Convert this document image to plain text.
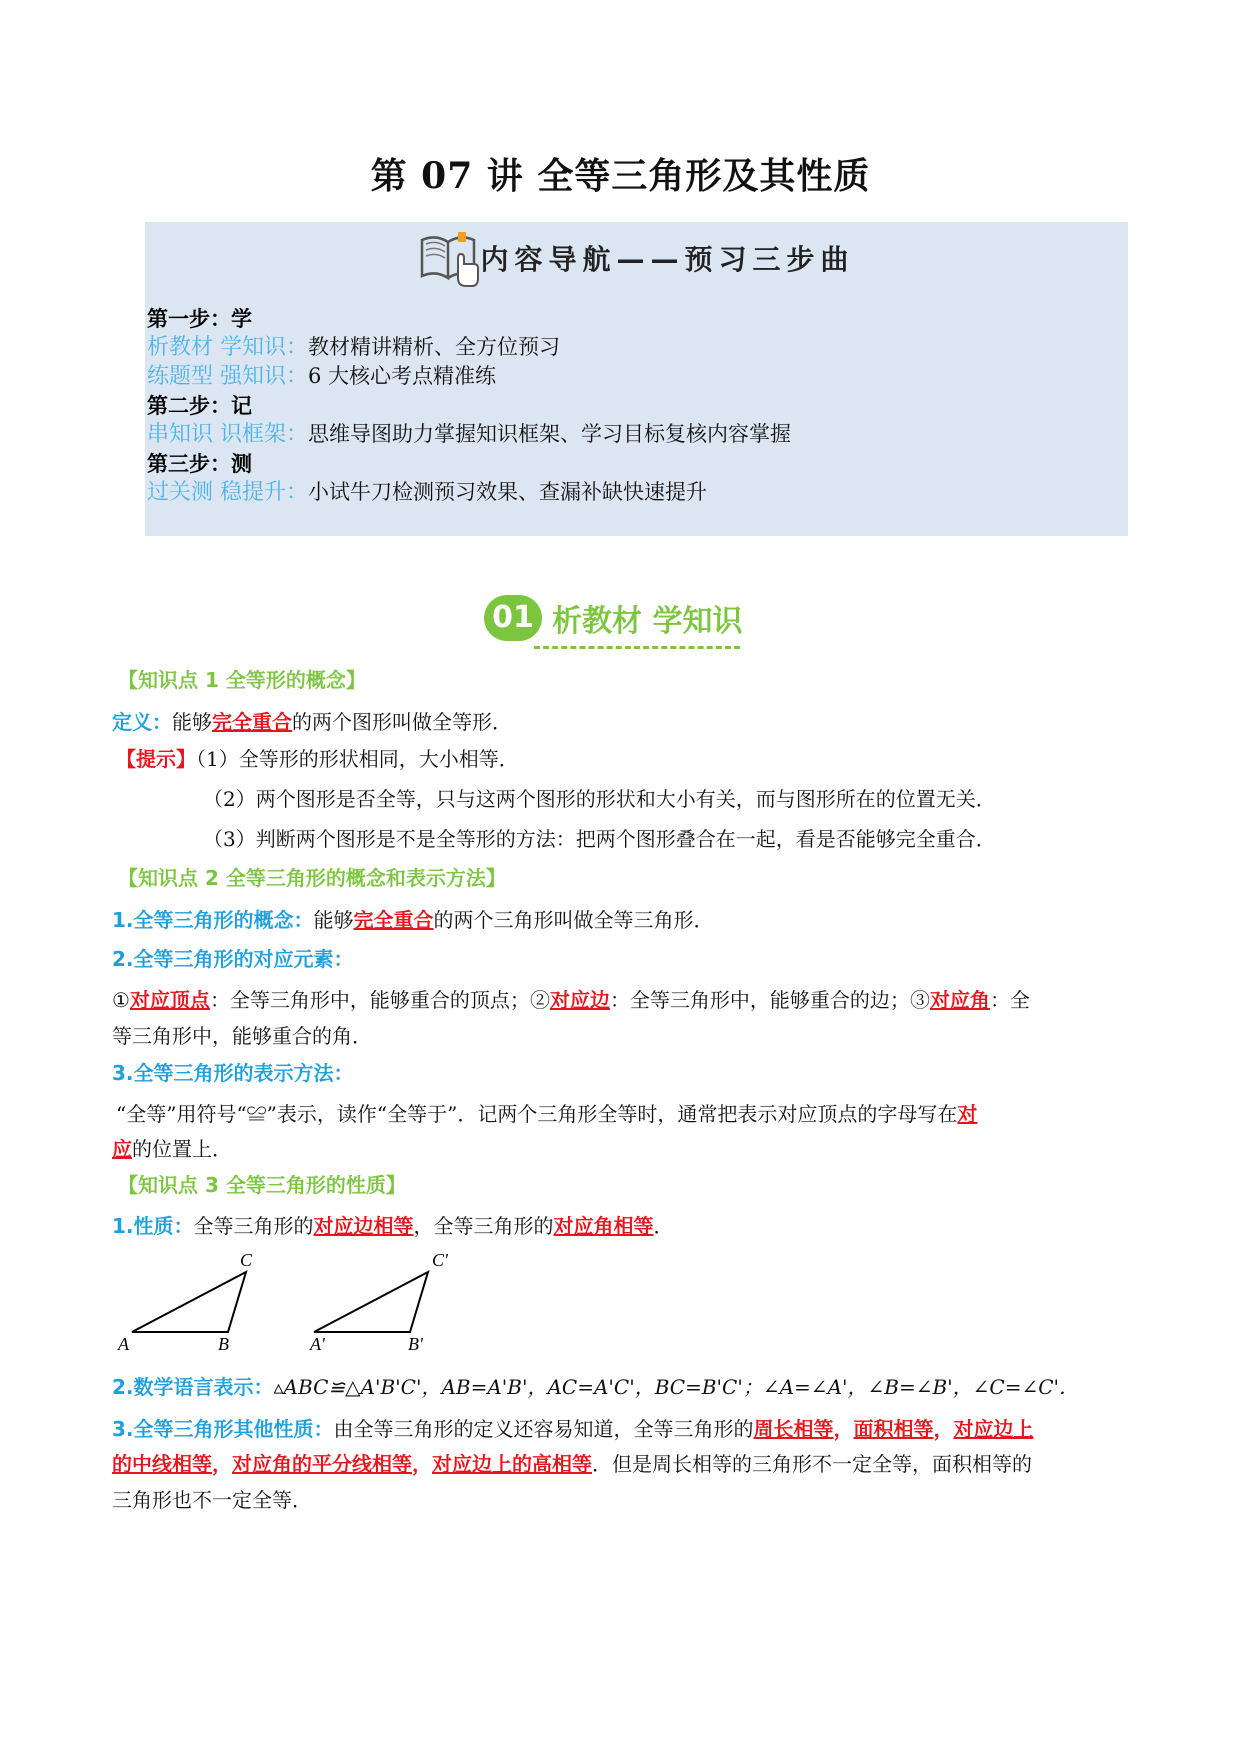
第 07 讲 全等三角形及其性质
内容导航——预习三步曲
第一步：学
析教材 学知识：教材精讲精析、全方位预习
练题型 强知识：6 大核心考点精准练
第二步：记
串知识 识框架：思维导图助力掌握知识框架、学习目标复核内容掌握
第三步：测
过关测 稳提升：小试牛刀检测预习效果、查漏补缺快速提升
01 析教材 学知识
【知识点 1 全等形的概念】
定义：能够完全重合的两个图形叫做全等形．
【提示】（1）全等形的形状相同，大小相等．
（2）两个图形是否全等，只与这两个图形的形状和大小有关，而与图形所在的位置无关．
（3）判断两个图形是不是全等形的方法：把两个图形叠合在一起，看是否能够完全重合．
【知识点 2 全等三角形的概念和表示方法】
1.全等三角形的概念：能够完全重合的两个三角形叫做全等三角形．
2.全等三角形的对应元素：
①对应顶点：全等三角形中，能够重合的顶点；②对应边：全等三角形中，能够重合的边；③对应角：全
等三角形中，能够重合的角．
3.全等三角形的表示方法：
“全等”用符号“≌”表示，读作“全等于”．记两个三角形全等时，通常把表示对应顶点的字母写在对
应的位置上．
【知识点 3 全等三角形的性质】
1.性质：全等三角形的对应边相等，全等三角形的对应角相等．
A	B
C
A'	B'
C'
2.数学语言表示：▵ABC≌△A'B'C'，AB=A'B'，AC=A'C'，BC=B'C'；∠A=∠A'，∠B=∠B'，∠C=∠C'．
3.全等三角形其他性质：由全等三角形的定义还容易知道，全等三角形的周长相等，面积相等，对应边上
的中线相等，对应角的平分线相等，对应边上的高相等．但是周长相等的三角形不一定全等，面积相等的
三角形也不一定全等．
